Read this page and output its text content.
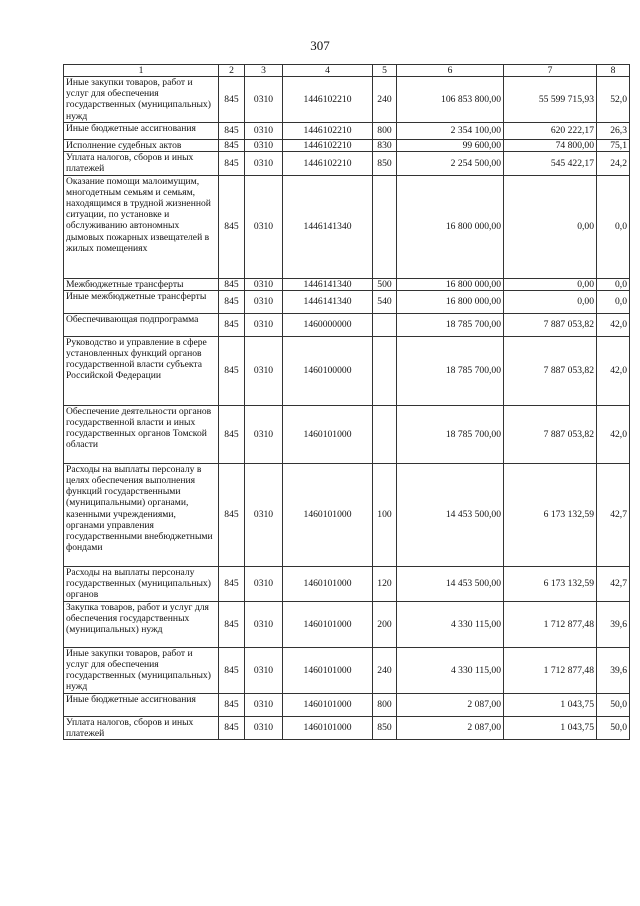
307
1	2	3	4	5	6	7	8
Иные закупки товаров, работ и услуг для обеспечения государственных (муниципальных) нужд	845	0310	1446102210	240	106 853 800,00	55 599 715,93	52,0
Иные бюджетные ассигнования	845	0310	1446102210	800	2 354 100,00	620 222,17	26,3
Исполнение судебных актов	845	0310	1446102210	830	99 600,00	74 800,00	75,1
Уплата налогов, сборов и иных платежей	845	0310	1446102210	850	2 254 500,00	545 422,17	24,2
Оказание помощи малоимущим, многодетным семьям и семьям, находящимся в трудной жизненной ситуации, по установке и обслуживанию автономных дымовых пожарных извещателей в жилых помещениях	845	0310	1446141340		16 800 000,00	0,00	0,0
Межбюджетные трансферты	845	0310	1446141340	500	16 800 000,00	0,00	0,0
Иные межбюджетные трансферты	845	0310	1446141340	540	16 800 000,00	0,00	0,0
Обеспечивающая подпрограмма	845	0310	1460000000		18 785 700,00	7 887 053,82	42,0
Руководство и управление в сфере установленных функций органов государственной власти субъекта Российской Федерации	845	0310	1460100000		18 785 700,00	7 887 053,82	42,0
Обеспечение деятельности органов государственной власти и иных государственных органов Томской области	845	0310	1460101000		18 785 700,00	7 887 053,82	42,0
Расходы на выплаты персоналу в целях обеспечения выполнения функций государственными (муниципальными) органами, казенными учреждениями, органами управления государственными внебюджетными фондами	845	0310	1460101000	100	14 453 500,00	6 173 132,59	42,7
Расходы на выплаты персоналу государственных (муниципальных) органов	845	0310	1460101000	120	14 453 500,00	6 173 132,59	42,7
Закупка товаров, работ и услуг для обеспечения государственных (муниципальных) нужд	845	0310	1460101000	200	4 330 115,00	1 712 877,48	39,6
Иные закупки товаров, работ и услуг для обеспечения государственных (муниципальных) нужд	845	0310	1460101000	240	4 330 115,00	1 712 877,48	39,6
Иные бюджетные ассигнования	845	0310	1460101000	800	2 087,00	1 043,75	50,0
Уплата налогов, сборов и иных платежей	845	0310	1460101000	850	2 087,00	1 043,75	50,0
